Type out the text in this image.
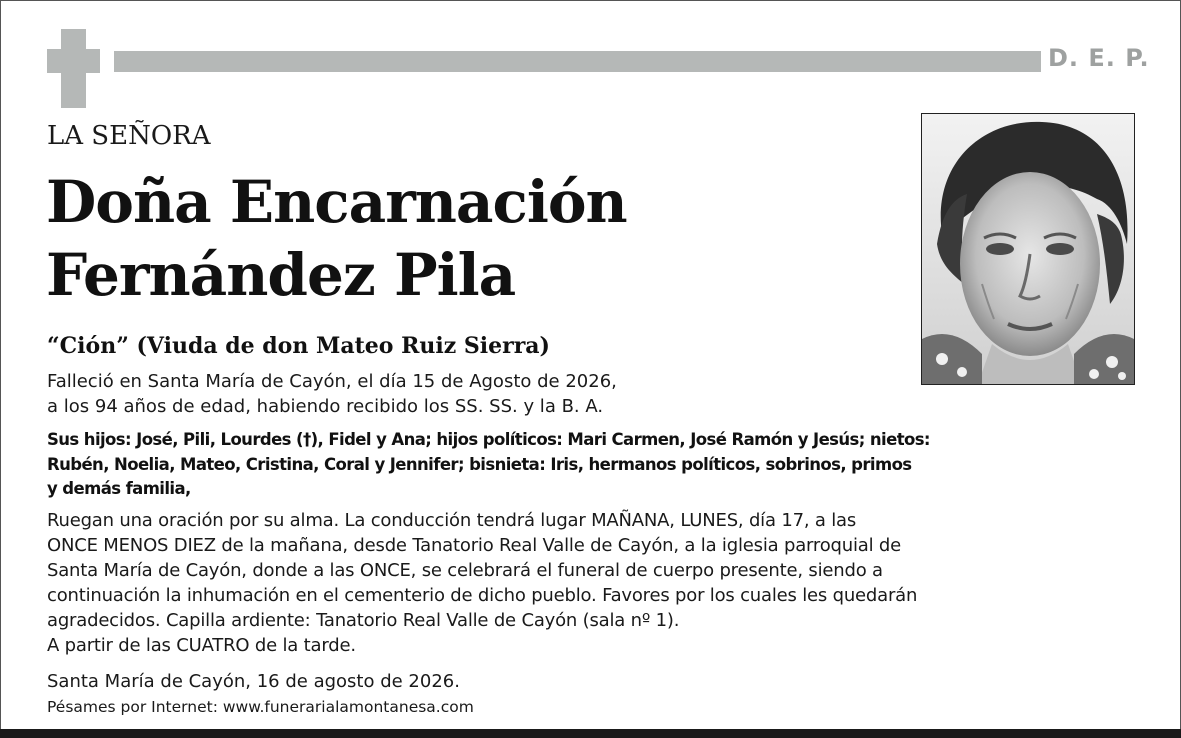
D. E. P.
LA SEÑORA
Doña Encarnación
Fernández Pila
“Ción” (Viuda de don Mateo Ruiz Sierra)
Falleció en Santa María de Cayón, el día 15 de Agosto de 2026,
a los 94 años de edad, habiendo recibido los SS. SS. y la B. A.
Sus hijos: José, Pili, Lourdes (†), Fidel y Ana; hijos políticos: Mari Carmen, José Ramón y Jesús; nietos:
Rubén, Noelia, Mateo, Cristina, Coral y Jennifer; bisnieta: Iris, hermanos políticos, sobrinos, primos
y demás familia,
Ruegan una oración por su alma. La conducción tendrá lugar MAÑANA, LUNES, día 17, a las
ONCE MENOS DIEZ de la mañana, desde Tanatorio Real Valle de Cayón, a la iglesia parroquial de
Santa María de Cayón, donde a las ONCE, se celebrará el funeral de cuerpo presente, siendo a
continuación la inhumación en el cementerio de dicho pueblo. Favores por los cuales les quedarán
agradecidos. Capilla ardiente: Tanatorio Real Valle de Cayón (sala nº 1).
A partir de las CUATRO de la tarde.
Santa María de Cayón, 16 de agosto de 2026.
Pésames por Internet: www.funerarialamontanesa.com
